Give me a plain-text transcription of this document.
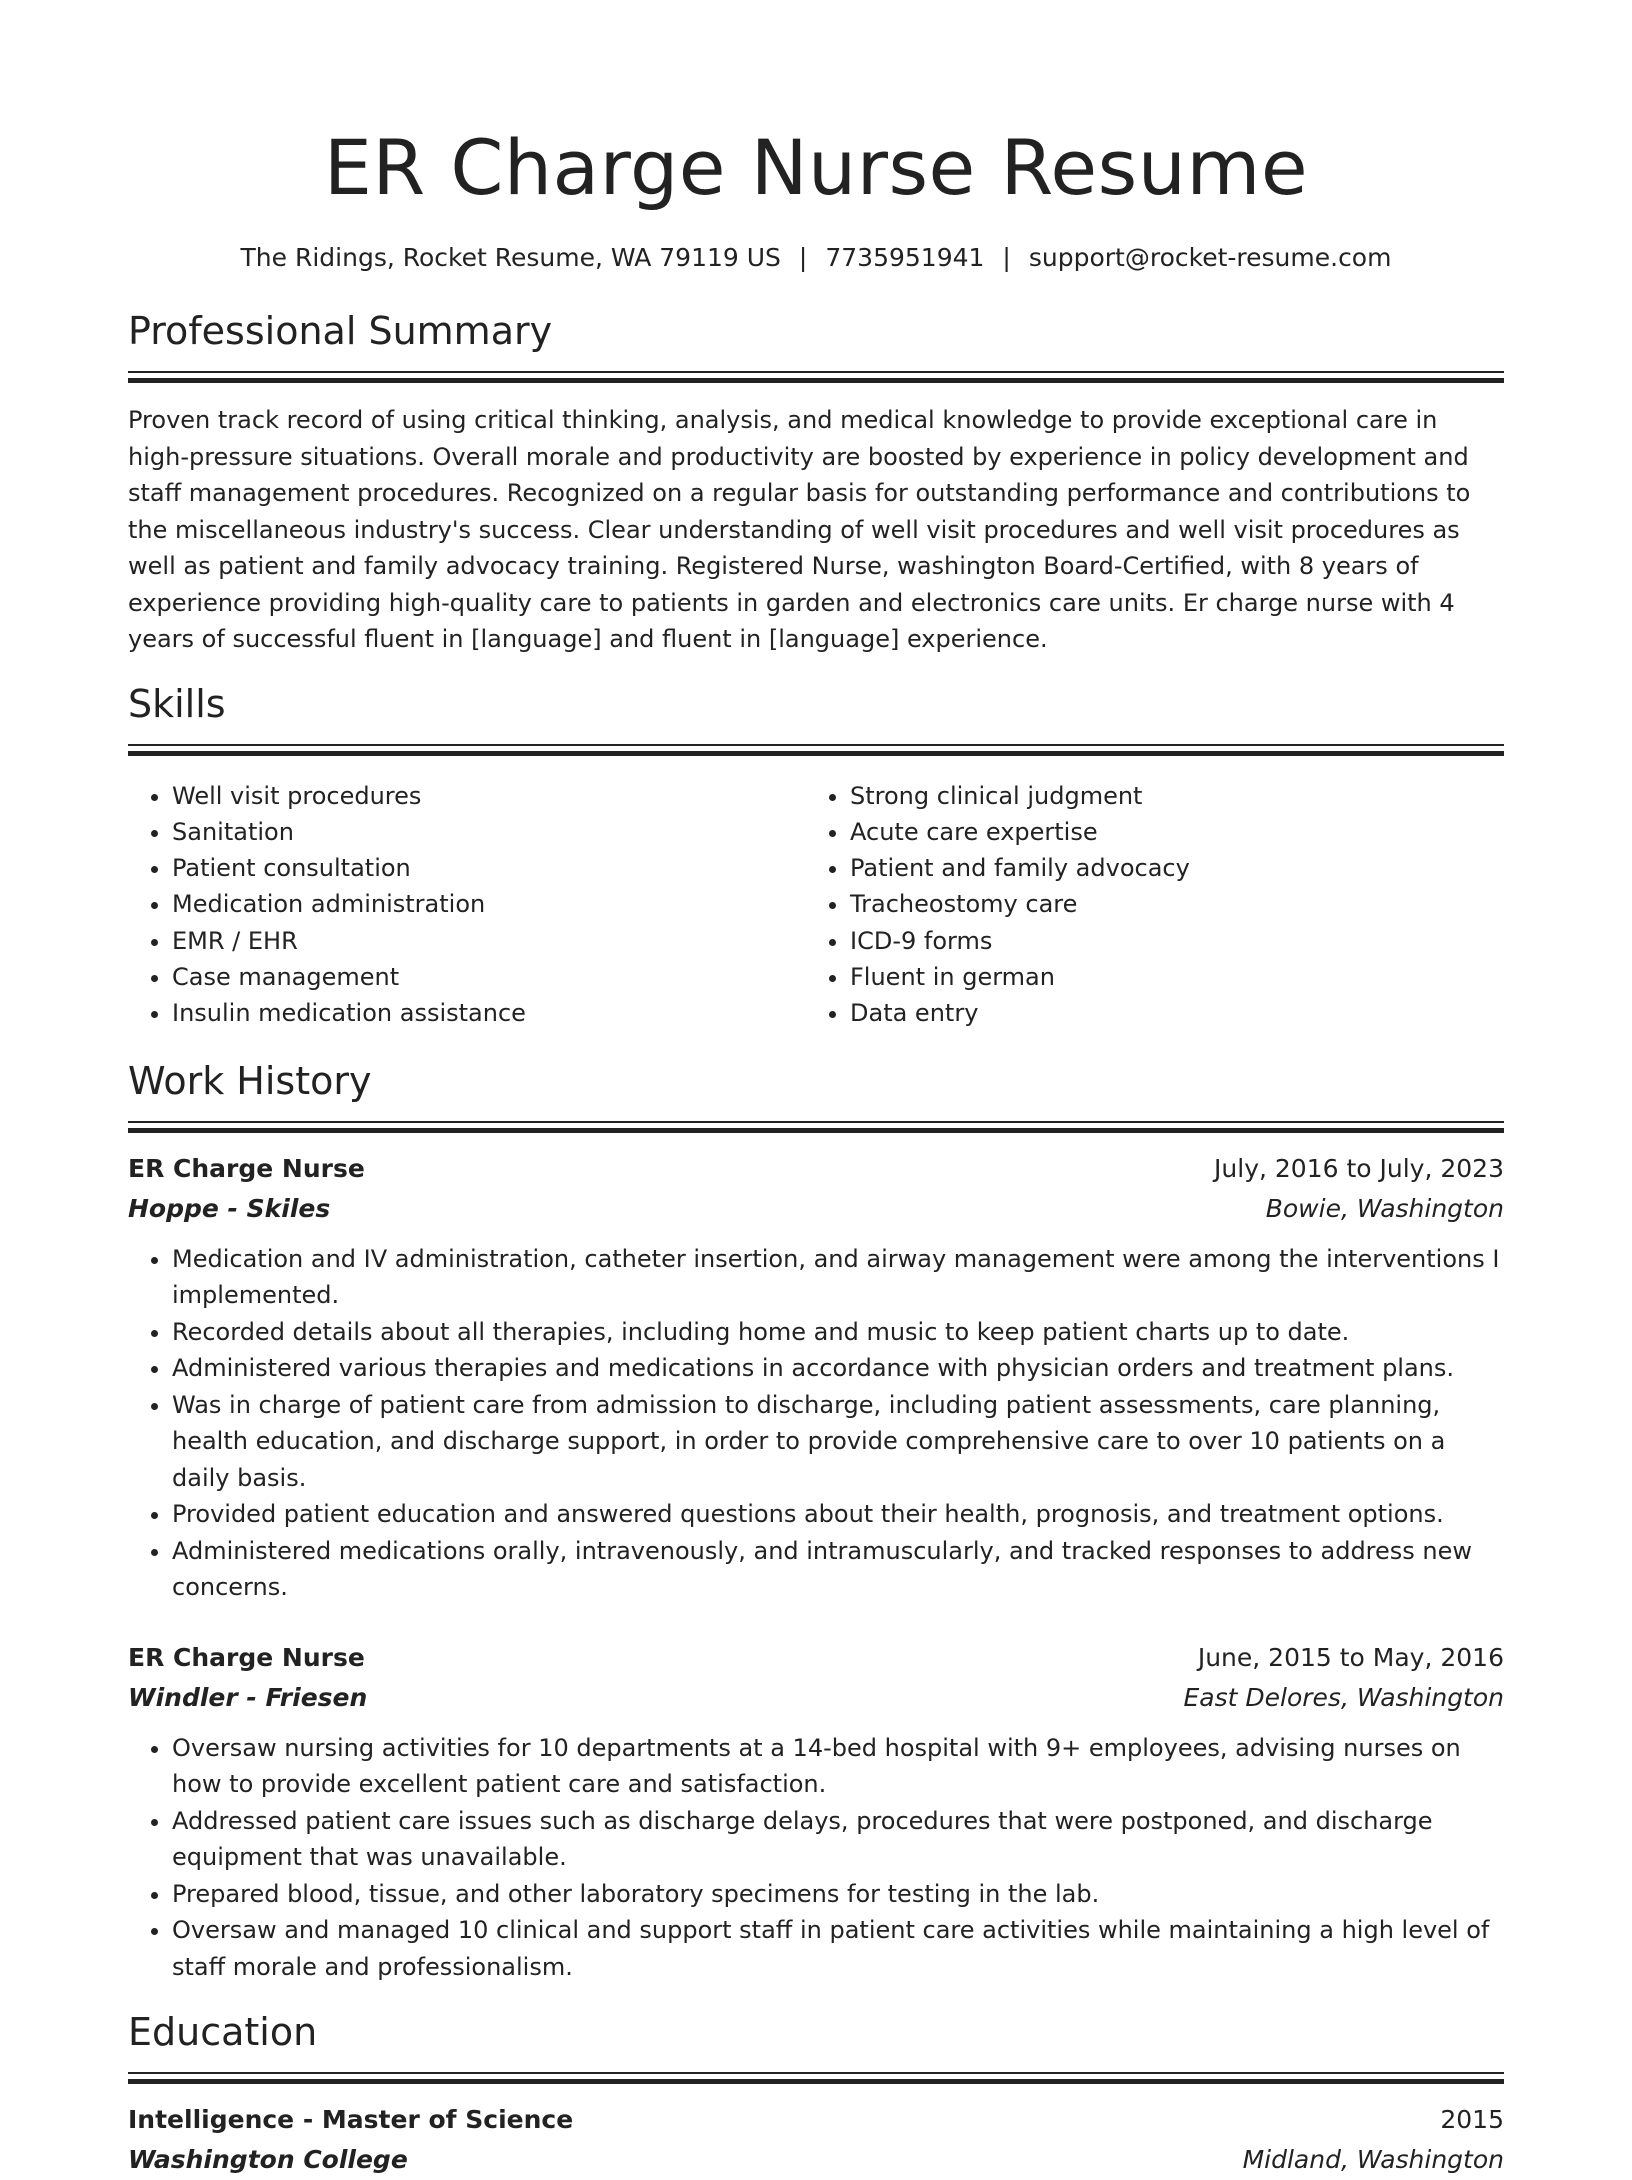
ER Charge Nurse Resume
The Ridings, Rocket Resume, WA 79119 US | 7735951941 | support@rocket-resume.com
Professional Summary

Proven track record of using critical thinking, analysis, and medical knowledge to provide exceptional care in high-pressure situations. Overall morale and productivity are boosted by experience in policy development and staff management procedures. Recognized on a regular basis for outstanding performance and contributions to the miscellaneous industry's success. Clear understanding of well visit procedures and well visit procedures as well as patient and family advocacy training. Registered Nurse, washington Board-Certified, with 8 years of experience providing high-quality care to patients in garden and electronics care units. Er charge nurse with 4 years of successful fluent in [language] and fluent in [language] experience.

Skills
• Well visit procedures
• Sanitation
• Patient consultation
• Medication administration
• EMR / EHR
• Case management
• Insulin medication assistance
• Strong clinical judgment
• Acute care expertise
• Patient and family advocacy
• Tracheostomy care
• ICD-9 forms
• Fluent in german
• Data entry
Work History
ER Charge Nurse	July, 2016 to July, 2023
Hoppe - Skiles	Bowie, Washington
• Medication and IV administration, catheter insertion, and airway management were among the interventions I implemented.
• Recorded details about all therapies, including home and music to keep patient charts up to date.
• Administered various therapies and medications in accordance with physician orders and treatment plans.
• Was in charge of patient care from admission to discharge, including patient assessments, care planning, health education, and discharge support, in order to provide comprehensive care to over 10 patients on a daily basis.
• Provided patient education and answered questions about their health, prognosis, and treatment options.
• Administered medications orally, intravenously, and intramuscularly, and tracked responses to address new concerns.
ER Charge Nurse	June, 2015 to May, 2016
Windler - Friesen	East Delores, Washington
• Oversaw nursing activities for 10 departments at a 14-bed hospital with 9+ employees, advising nurses on how to provide excellent patient care and satisfaction.
• Addressed patient care issues such as discharge delays, procedures that were postponed, and discharge equipment that was unavailable.
• Prepared blood, tissue, and other laboratory specimens for testing in the lab.
• Oversaw and managed 10 clinical and support staff in patient care activities while maintaining a high level of staff morale and professionalism.
Education
Intelligence - Master of Science	2015
Washington College	Midland, Washington
